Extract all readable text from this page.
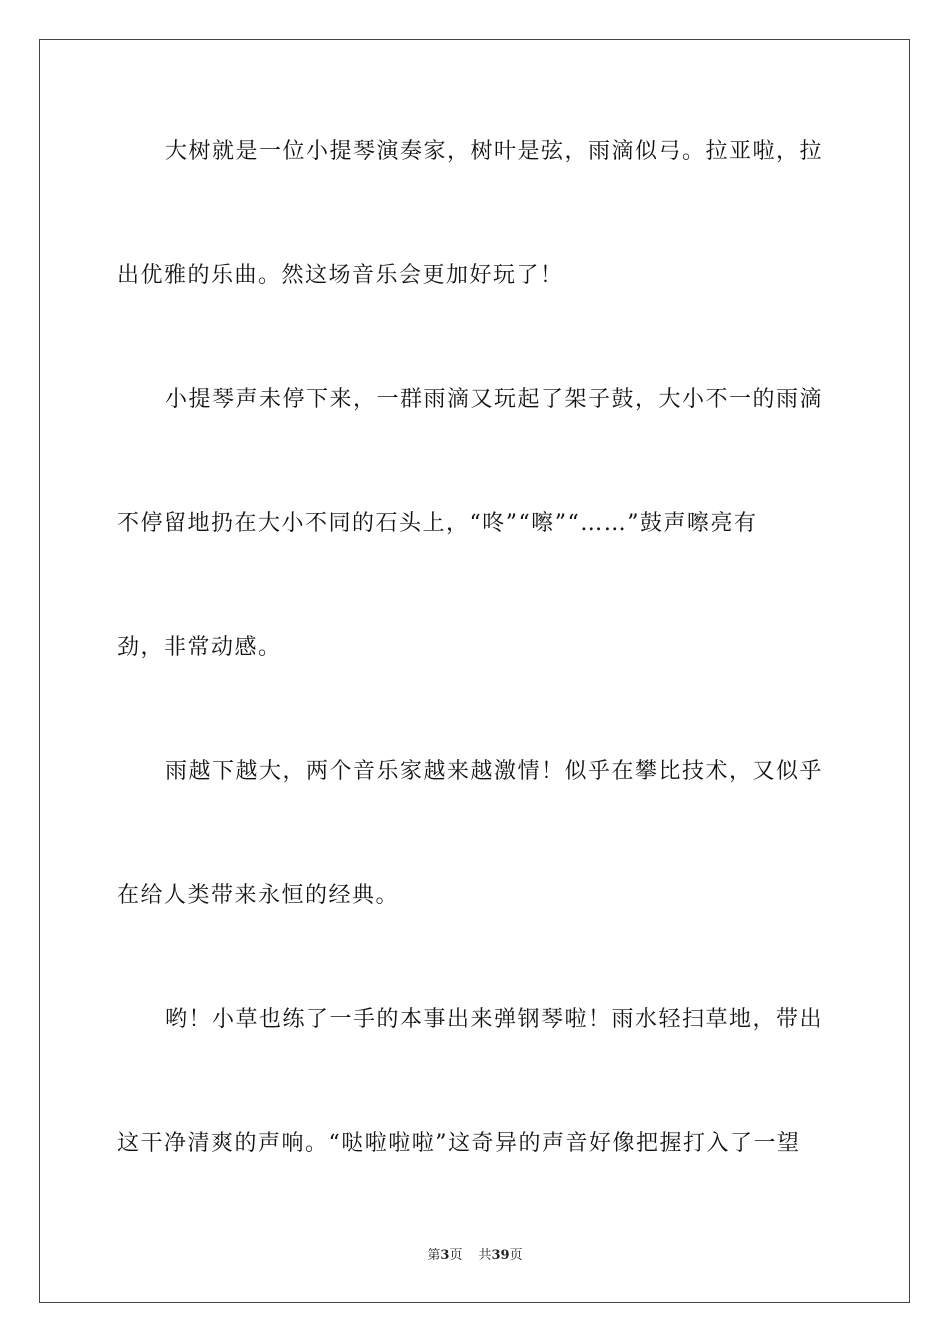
大树就是一位小提琴演奏家，树叶是弦，雨滴似弓。拉亚啦，拉
出优雅的乐曲。然这场音乐会更加好玩了！
小提琴声未停下来，一群雨滴又玩起了架子鼓，大小不一的雨滴
不停留地扔在大小不同的石头上，“咚”“嚓”“……”鼓声嚓亮有
劲，非常动感。
雨越下越大，两个音乐家越来越激情！似乎在攀比技术，又似乎
在给人类带来永恒的经典。
哟！小草也练了一手的本事出来弹钢琴啦！雨水轻扫草地，带出
这干净清爽的声响。“哒啦啦啦”这奇异的声音好像把握打入了一望
第3页 共39页
